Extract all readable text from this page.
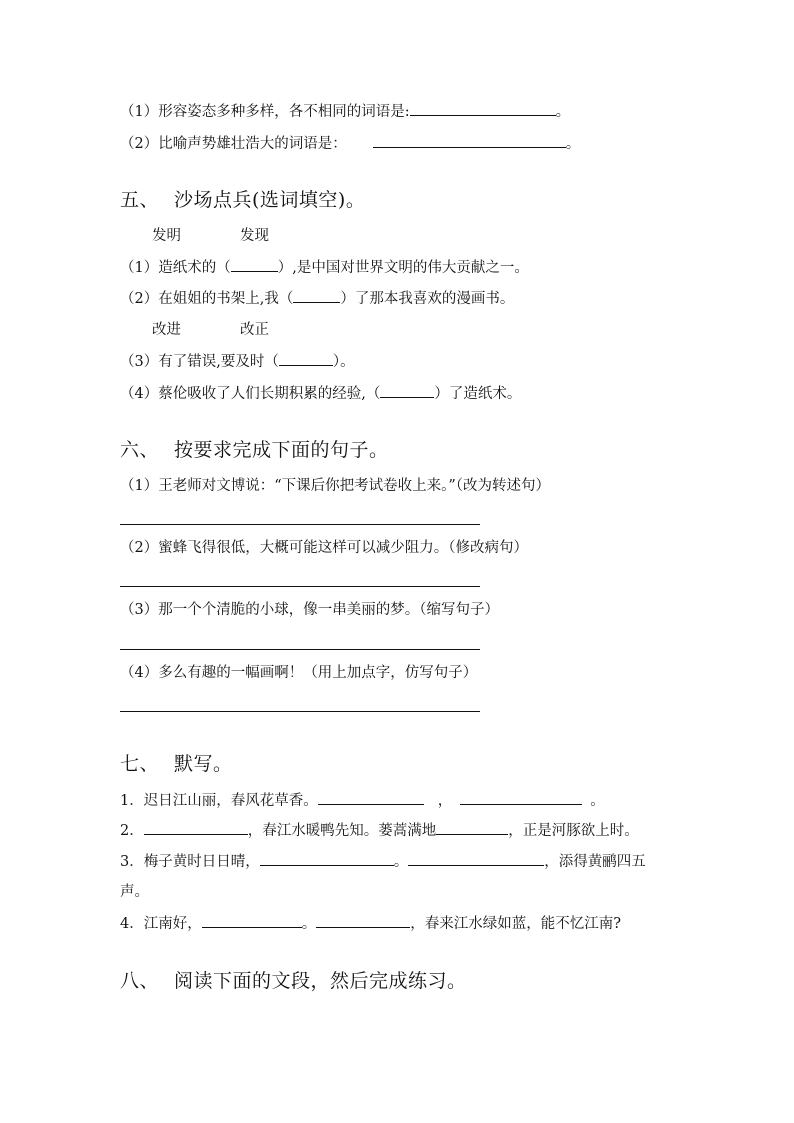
（1）形容姿态多种多样，各不相同的词语是:	。
（2）比喻声势雄壮浩大的词语是：	。
五、 沙场点兵(选词填空)。
发明	发现
（1）造纸术的（	）,是中国对世界文明的伟大贡献之一。
（2）在姐姐的书架上,我（	）了那本我喜欢的漫画书。
改进	改正
（3）有了错误,要及时（	）。
（4）蔡伦吸收了人们长期积累的经验,（	）了造纸术。
六、 按要求完成下面的句子。
（1）王老师对文博说：“下课后你把考试卷收上来。”（改为转述句）
（2）蜜蜂飞得很低，大概可能这样可以减少阻力。（修改病句）
（3）那一个个清脆的小球，像一串美丽的梦。（缩写句子）
（4）多么有趣的一幅画啊！（用上加点字，仿写句子）
七、 默写。
1．迟日江山丽，春风花草香。	，	。
2．	，春江水暖鸭先知。蒌蒿满地	，正是河豚欲上时。
3．梅子黄时日日晴，	。	，添得黄鹂四五
声。
4．江南好，	。	，春来江水绿如蓝，能不忆江南?
八、 阅读下面的文段，然后完成练习。
